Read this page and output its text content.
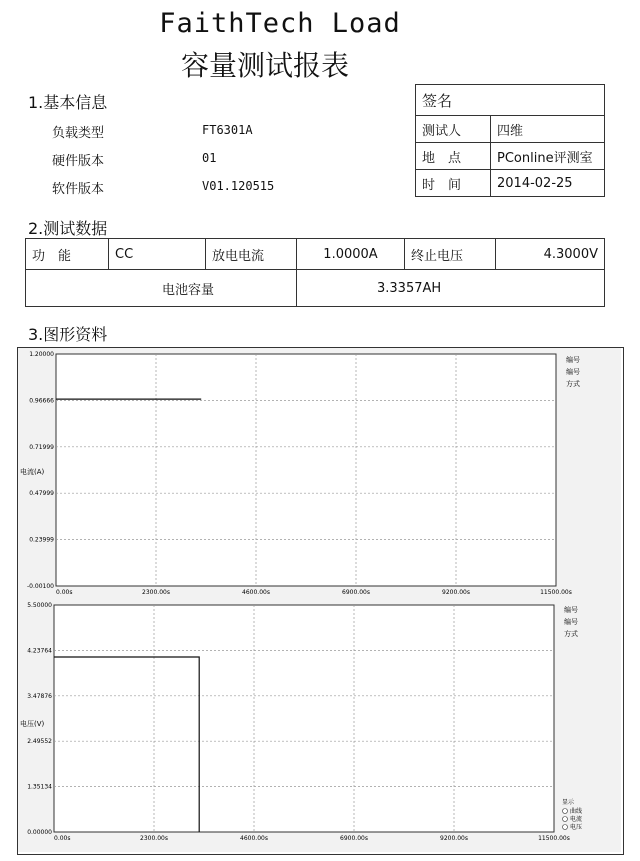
FaithTech Load
容量测试报表
1.基本信息
负载类型	FT6301A
硬件版本	01
软件版本	V01.120515
签名	
测试人	四维
地　点	PConline评测室
时　间	2014-02-25
2.测试数据
功　能	CC	放电电流	1.0000A	终止电压	4.3000V
电池容量			3.3357AH		
3.图形资料
1.20000
0.96666
0.71999
0.47999
0.23999
-0.00100
0.00s	2300.00s	4600.00s	6900.00s	9200.00s	11500.00s
电流(A)
编号
编号
方式
5.50000
4.23764
3.47876
2.49552
1.35134
0.00000
0.00s	2300.00s	4600.00s	6900.00s	9200.00s	11500.00s
电压(V)
编号
编号
方式
显示
曲线
电流
电压
